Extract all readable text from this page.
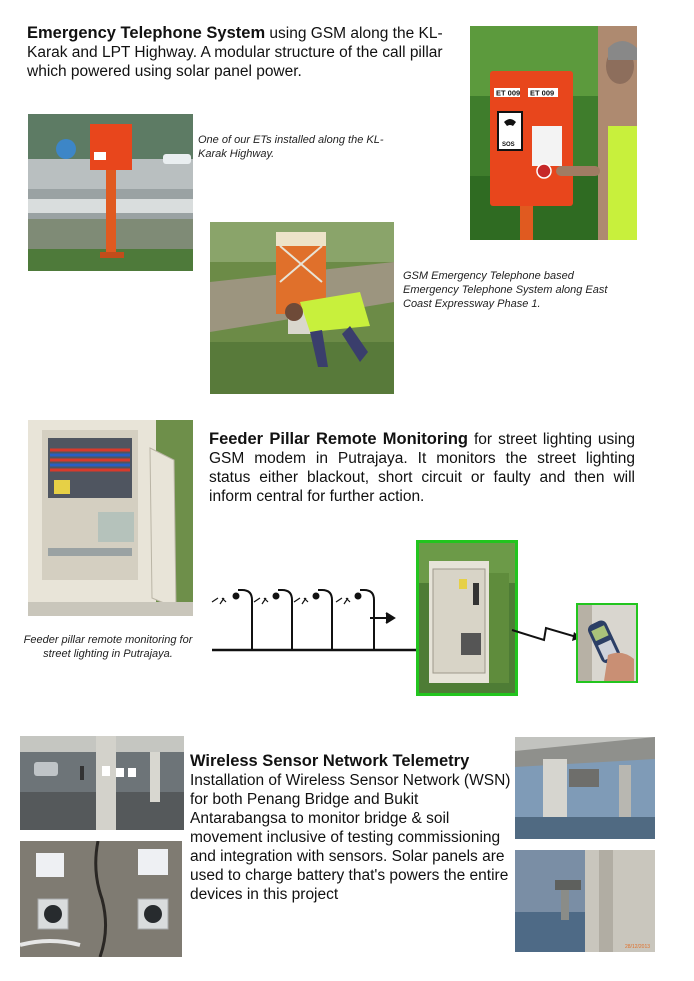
Emergency Telephone System using GSM along the KL-Karak and LPT Highway. A modular structure of the call pillar which powered using solar panel power.
One of our ETs installed along the KL-Karak Highway.
ET 009 ET 009
SOS
GSM Emergency Telephone based Emergency Telephone System along East Coast Expressway Phase 1.
Feeder Pillar Remote Monitoring for street lighting using GSM modem in Putrajaya. It monitors the street lighting status either blackout, short circuit or faulty and then will inform central for further action.
Feeder pillar remote monitoring for street lighting in Putrajaya.
Wireless Sensor Network Telemetry
Installation of Wireless Sensor Network (WSN) for both Penang Bridge and Bukit Antarabangsa to monitor bridge & soil movement inclusive of testing commissioning and integration with sensors. Solar panels are used to charge battery that's powers the entire devices in this project
28/12/2013
